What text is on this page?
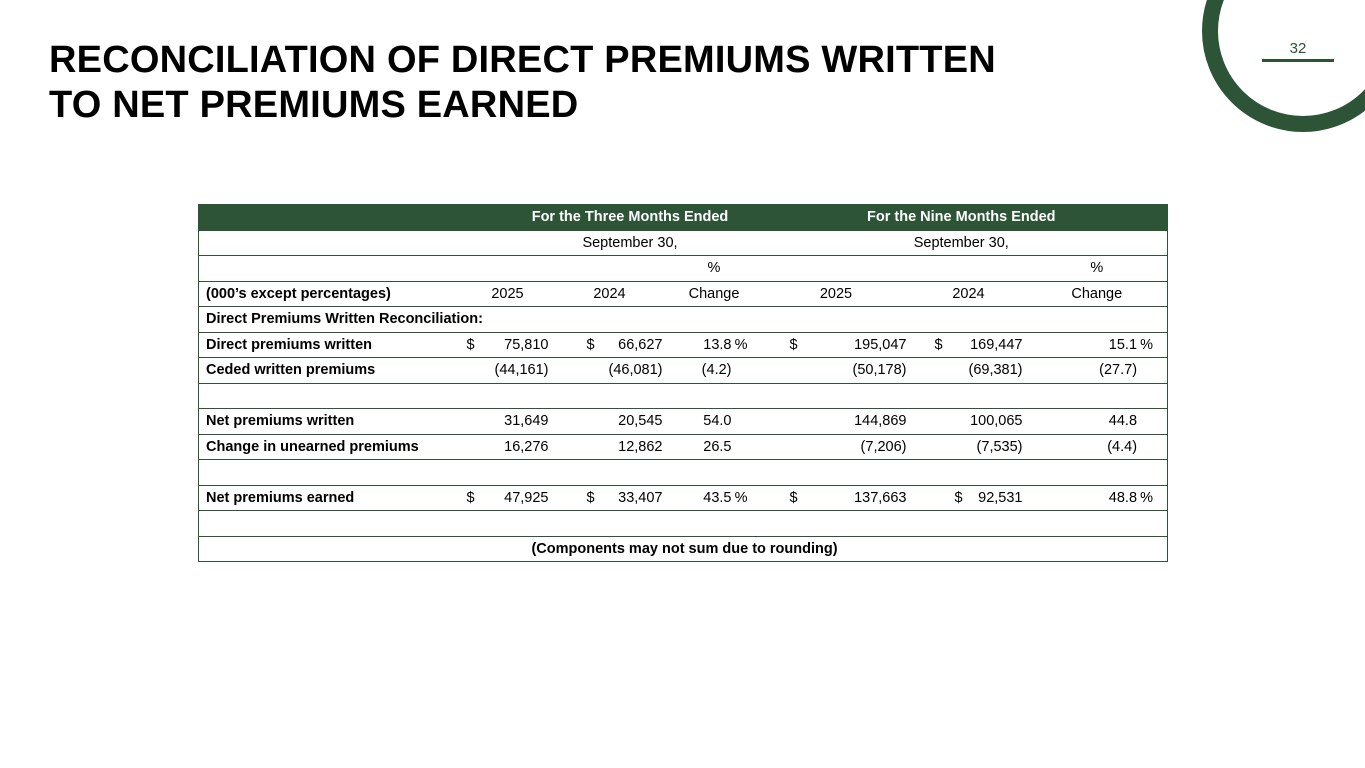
32
RECONCILIATION OF DIRECT PREMIUMS WRITTEN
TO NET PREMIUMS EARNED
	For the Three Months Ended			For the Nine Months Ended		
	September 30,			September 30,		
			%			%
(000’s except percentages)	2025	2024	Change	2025	2024	Change
Direct Premiums Written Reconciliation:						
Direct premiums written	$ 75,810	$ 66,627	13.8 %	$ 195,047	$ 169,447	15.1 %

Ceded written premiums	(44,161)	(46,081)	(4.2)	(50,178)	(69,381)	(27.7)

Net premiums written	31,649	20,545	54.0	144,869	100,065	44.8
Change in unearned premiums	16,276	12,862	26.5	(7,206)	(7,535)	(4.4)

Net premiums earned	$ 47,925	$ 33,407	43.5 %	$ 137,663	$ 92,531	48.8 %

(Components may not sum due to rounding)						
